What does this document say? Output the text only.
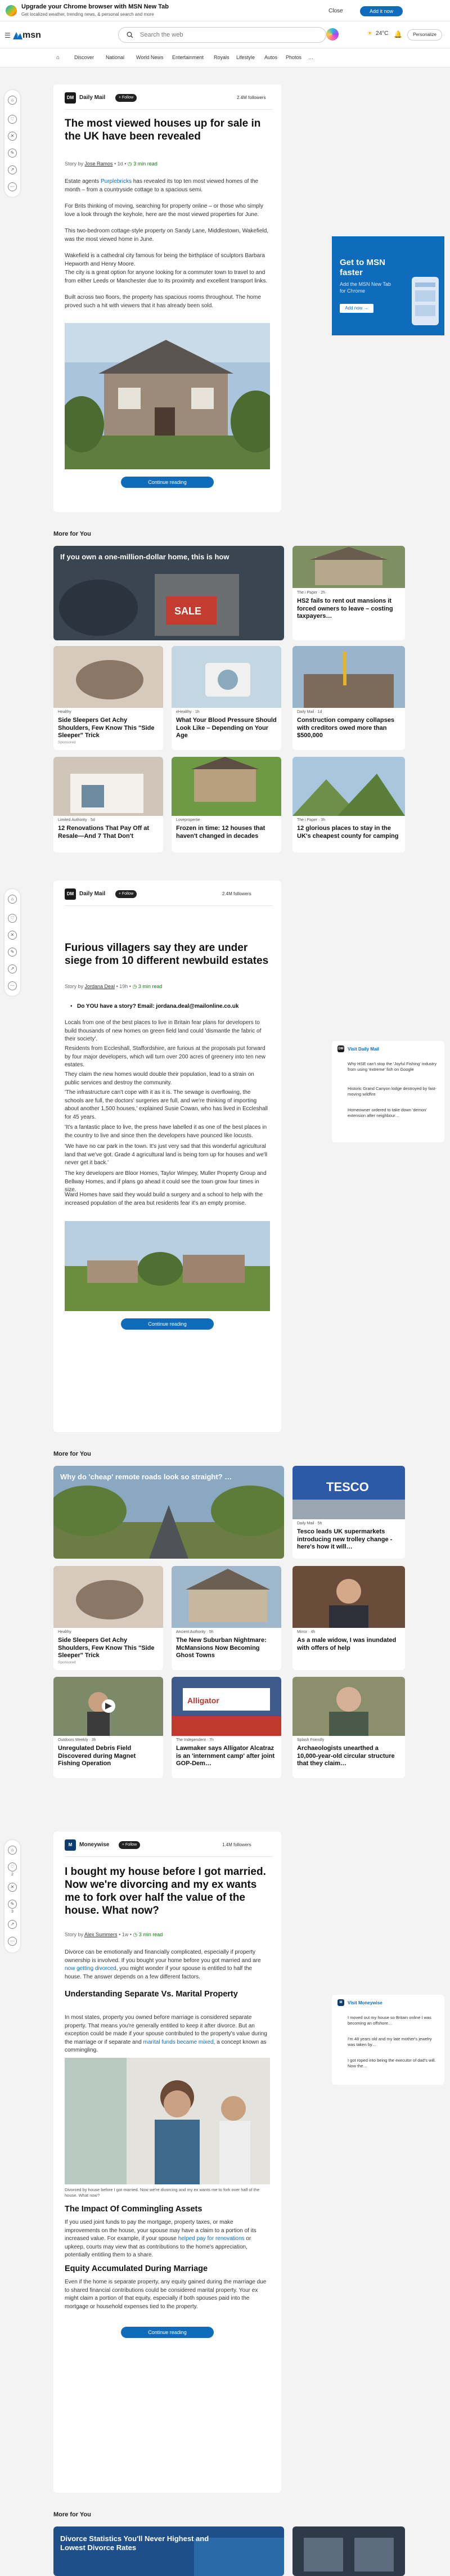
Upgrade your Chrome browser with MSN New Tab
Get localized weather, trending news, & personal search and more
Close	Add it now
☰ msn	Search the web	☀ 24°C 🔔	Personalize
⌂	Discover National World News Entertainment Royals Lifestyle Autos Photos …
⌂
♡
✕
✎
↗
⋯
⌂
♡
✕
✎
↗
⋯
⌂
♡
2
✕
✎
3
↗
⋯
DM Daily Mail	+ Follow	2.4M followers
The most viewed houses up for sale in the UK have been revealed
Story by Jose Ramos • 1d • ◷ 3 min read
Estate agents Purplebricks has revealed its top ten most viewed homes of the month – from a countryside cottage to a spacious semi.
For Brits thinking of moving, searching for property online – or those who simply love a look through the keyhole, here are the most viewed properties for June.
This two-bedroom cottage-style property on Sandy Lane, Middlestown, Wakefield, was the most viewed home in June.
Wakefield is a cathedral city famous for being the birthplace of sculptors Barbara Hepworth and Henry Moore.
The city is a great option for anyone looking for a commuter town to travel to and from either Leeds or Manchester due to its proximity and excellent transport links.
Built across two floors, the property has spacious rooms throughout. The home proved such a hit with viewers that it has already been sold.
Continue reading
Get to MSN faster
Add the MSN New Tab
for Chrome
Add now →
More for You
SALE
If you own a one-million-dollar home, this is how
The i Paper · 2h
HS2 fails to rent out mansions it forced owners to leave – costing taxpayers…
Healthy
Side Sleepers Get Achy Shoulders, Few Know This "Side Sleeper" Trick
Sponsored
eHealthy · 1h
What Your Blood Pressure Should Look Like – Depending on Your Age
Daily Mail · 1d
Construction company collapses with creditors owed more than $500,000
Limited Authority · 5d
12 Renovations That Pay Off at Resale—And 7 That Don't
Lovepropertie
Frozen in time: 12 houses that haven't changed in decades
The i Paper · 3h
12 glorious places to stay in the UK's cheapest county for camping
DM Daily Mail	+ Follow	2.4M followers
Furious villagers say they are under siege from 10 different newbuild estates
Story by Jordana Deal • 19h • ◷ 3 min read
• Do YOU have a story? Email: jordana.deal@mailonline.co.uk
Locals from one of the best places to live in Britain fear plans for developers to build thousands of new homes on green field land could 'dismantle the fabric of their society'.
Residents from Eccleshall, Staffordshire, are furious at the proposals put forward by four major developers, which will turn over 200 acres of greenery into ten new estates.
They claim the new homes would double their population, lead to a strain on public services and destroy the community.
'The infrastructure can't cope with it as it is. The sewage is overflowing, the schools are full, the doctors' surgeries are full, and we're thinking of importing about another 1,500 houses,' explained Susie Cowan, who has lived in Eccleshall for 45 years.
'It's a fantastic place to live, the press have labelled it as one of the best places in the country to live and since then the developers have pounced like locusts.
'We have no car park in the town. It's just very sad that this wonderful agricultural land that we've got. Grade 4 agricultural land is being torn up for houses and we'll never get it back.'
The key developers are Bloor Homes, Taylor Wimpey, Muller Property Group and Bellway Homes, and if plans go ahead it could see the town grow four times in size.
Ward Homes have said they would build a surgery and a school to help with the increased population of the area but residents fear it's an empty promise.
Continue reading
DM Visit Daily Mail
Why HSE can't stop the 'Joyful Fishing' industry from using 'extreme' fish on Google
Historic Grand Canyon lodge destroyed by fast-moving wildfire
Homeowner ordered to take down 'demon' extension after neighbour…
More for You
Why do 'cheap' remote roads look so straight? …
TESCO
Daily Mail · 5h
Tesco leads UK supermarkets introducing new trolley change - here's how it will…
Healthy
Side Sleepers Get Achy Shoulders, Few Know This "Side Sleeper" Trick
Sponsored
Ancient Authority · 5h
The New Suburban Nightmare: McMansions Now Becoming Ghost Towns
Mirror · 4h
As a male widow, I was inundated with offers of help
Outdoors Weekly · 3h
Unregulated Debris Field Discovered during Magnet Fishing Operation
Alligator
The Independent · 7h
Lawmaker says Alligator Alcatraz is an 'internment camp' after joint GOP-Dem…
Splash Friendly
Archaeologists unearthed a 10,000-year-old circular structure that they claim…
M	Moneywise	+ Follow	1.4M followers
I bought my house before I got married. Now we're divorcing and my ex wants me to fork over half the value of the house. What now?
Story by Alex Summers • 1w • ◷ 3 min read
Divorce can be emotionally and financially complicated, especially if property ownership is involved. If you bought your home before you got married and are now getting divorced, you might wonder if your spouse is entitled to half the house. The answer depends on a few different factors.
Understanding Separate Vs. Marital Property
In most states, property you owned before marriage is considered separate property. That means you're generally entitled to keep it after divorce. But an exception could be made if your spouse contributed to the property's value during the marriage or if separate and marital funds became mixed, a concept known as commingling.
Divorced by house before I got married. Now we're divorcing and my ex wants me to fork over half of the house. What now?
The Impact Of Commingling Assets
If you used joint funds to pay the mortgage, property taxes, or make improvements on the house, your spouse may have a claim to a portion of its increased value. For example, if your spouse helped pay for renovations or upkeep, courts may view that as contributions to the home's appreciation, potentially entitling them to a share.
Equity Accumulated During Marriage
Even if the home is separate property, any equity gained during the marriage due to shared financial contributions could be considered marital property. Your ex might claim a portion of that equity, especially if both spouses paid into the mortgage or household expenses tied to the property.
Continue reading
M	Visit Moneywise
I moved out my house so Britain online I was becoming an offshore…
I'm 48 years old and my late mother's jewelry was taken by…
I got roped into being the executor of dad's will. Now the…
More for You
Divorce Statistics You'll Never Highest and Lowest Divorce Rates
